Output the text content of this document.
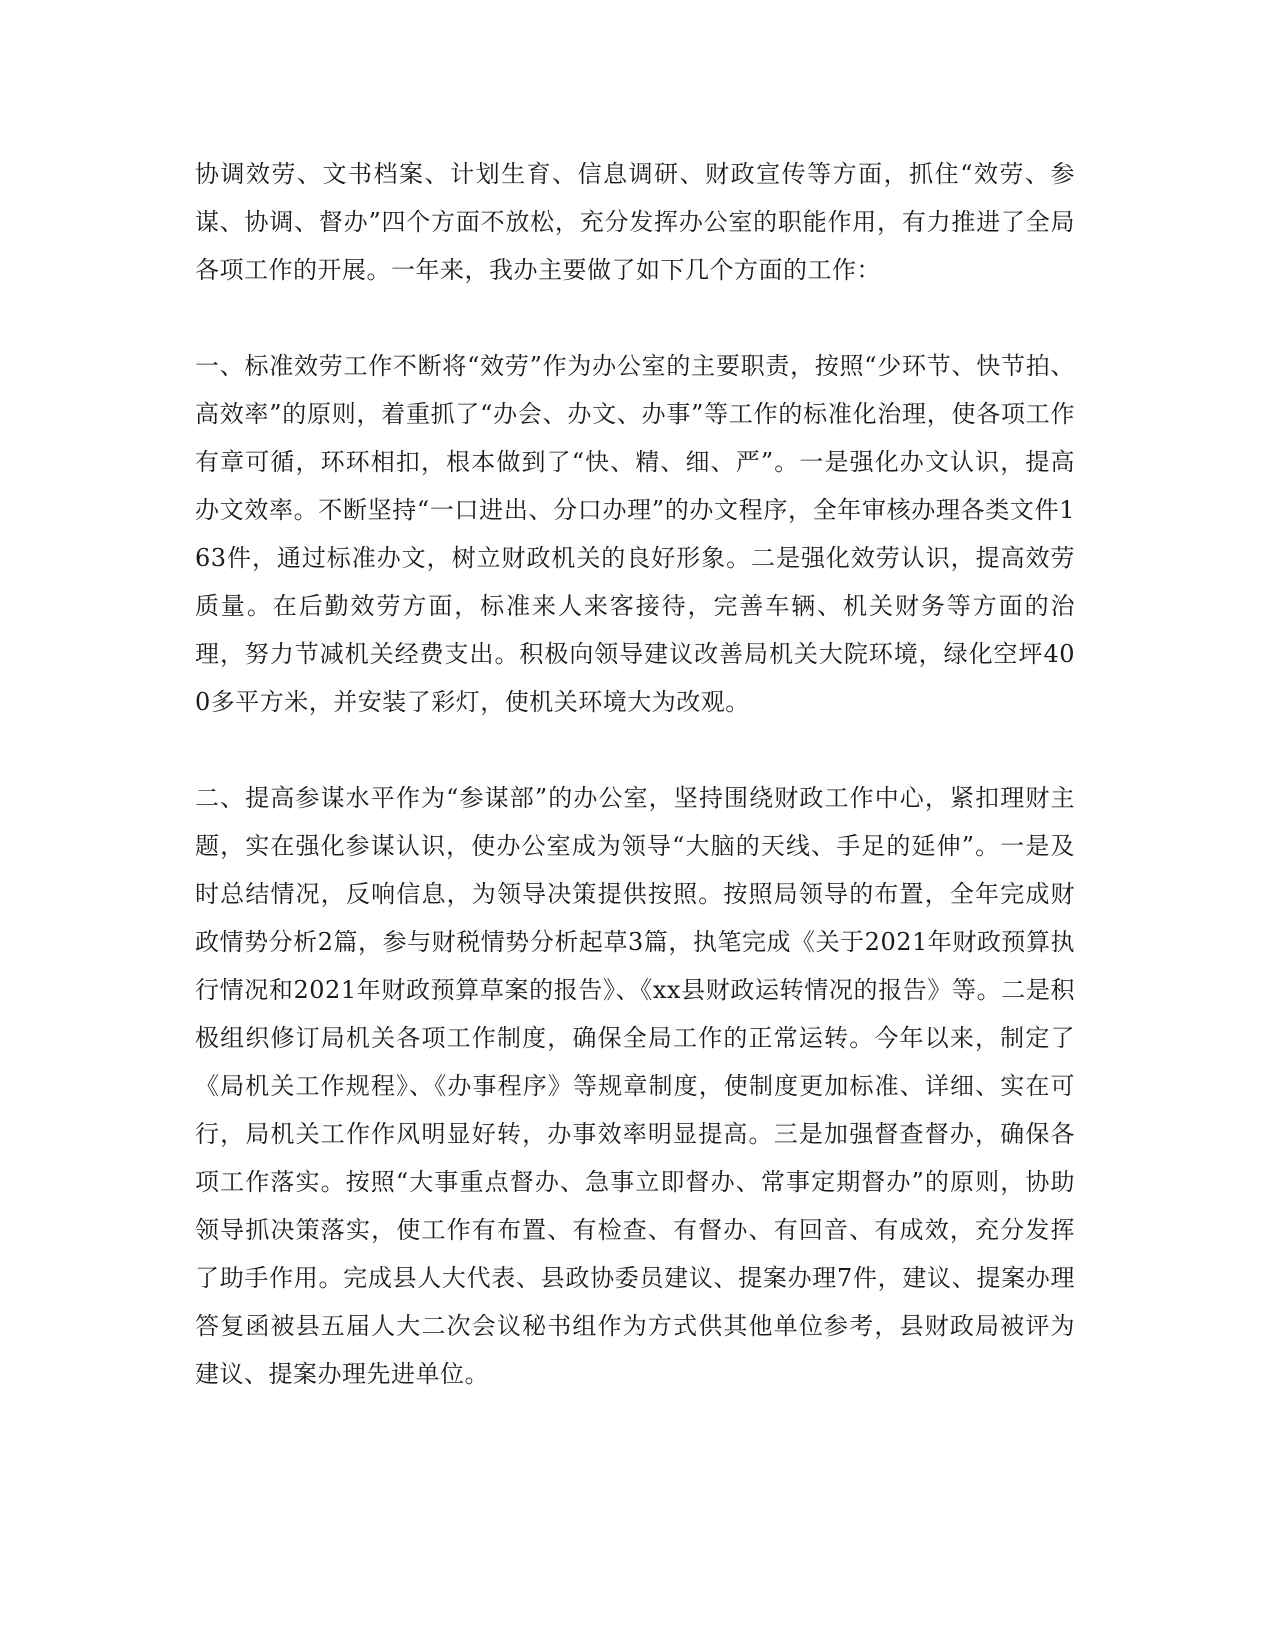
协调效劳、文书档案、计划生育、信息调研、财政宣传等方面，抓住“效劳、参谋、协调、督办”四个方面不放松，充分发挥办公室的职能作用，有力推进了全局各项工作的开展。一年来，我办主要做了如下几个方面的工作：

一、标准效劳工作不断将“效劳”作为办公室的主要职责，按照“少环节、快节拍、高效率”的原则，着重抓了“办会、办文、办事”等工作的标准化治理，使各项工作有章可循，环环相扣，根本做到了“快、精、细、严”。一是强化办文认识，提高办文效率。不断坚持“一口进出、分口办理”的办文程序，全年审核办理各类文件163件，通过标准办文，树立财政机关的良好形象。二是强化效劳认识，提高效劳质量。在后勤效劳方面，标准来人来客接待，完善车辆、机关财务等方面的治理，努力节减机关经费支出。积极向领导建议改善局机关大院环境，绿化空坪400多平方米，并安装了彩灯，使机关环境大为改观。

二、提高参谋水平作为“参谋部”的办公室，坚持围绕财政工作中心，紧扣理财主题，实在强化参谋认识，使办公室成为领导“大脑的天线、手足的延伸”。一是及时总结情况，反响信息，为领导决策提供按照。按照局领导的布置，全年完成财政情势分析2篇，参与财税情势分析起草3篇，执笔完成《关于2021年财政预算执行情况和2021年财政预算草案的报告》、《xx县财政运转情况的报告》等。二是积极组织修订局机关各项工作制度，确保全局工作的正常运转。今年以来，制定了《局机关工作规程》、《办事程序》等规章制度，使制度更加标准、详细、实在可行，局机关工作作风明显好转，办事效率明显提高。三是加强督查督办，确保各项工作落实。按照“大事重点督办、急事立即督办、常事定期督办”的原则，协助领导抓决策落实，使工作有布置、有检查、有督办、有回音、有成效，充分发挥了助手作用。完成县人大代表、县政协委员建议、提案办理7件，建议、提案办理答复函被县五届人大二次会议秘书组作为方式供其他单位参考，县财政局被评为建议、提案办理先进单位。
